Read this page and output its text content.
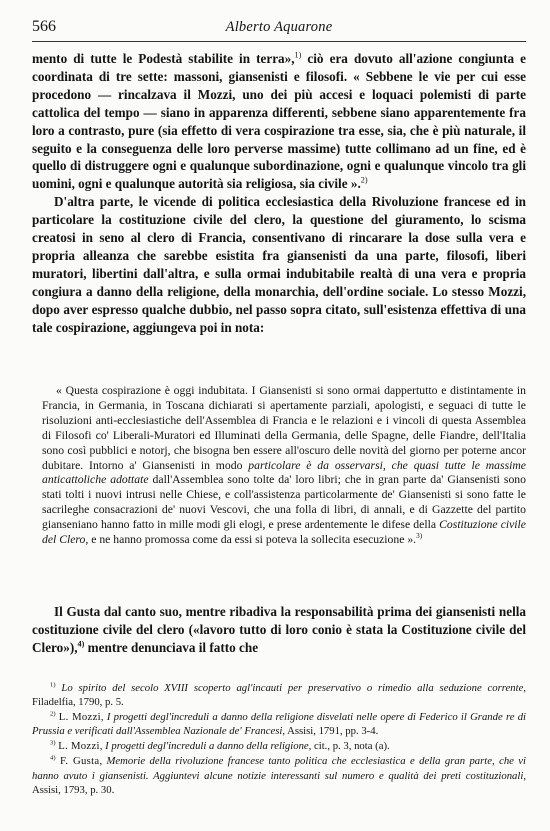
566	Alberto Aquarone

mento di tutte le Podestà stabilite in terra»,$^{1)}$ ciò era dovuto all'azione congiunta e coordinata di tre sette: massoni, giansenisti e filosofi. « Sebbene le vie per cui esse procedono — rincalzava il Mozzi, uno dei più accesi e loquaci polemisti di parte cattolica del tempo — siano in apparenza differenti, sebbene siano apparentemente fra loro a contrasto, pure (sia effetto di vera cospirazione tra esse, sia, che è più naturale, il seguito e la conseguenza delle loro perverse massime) tutte collimano ad un fine, ed è quello di distruggere ogni e qualunque subordinazione, ogni e qualunque vincolo tra gli uomini, ogni e qualunque autorità sia religiosa, sia civile ».$^{2)}$

D'altra parte, le vicende di politica ecclesiastica della Rivoluzione francese ed in particolare la costituzione civile del clero, la questione del giuramento, lo scisma creatosi in seno al clero di Francia, consentivano di rincarare la dose sulla vera e propria alleanza che sarebbe esistita fra giansenisti da una parte, filosofi, liberi muratori, libertini dall'altra, e sulla ormai indubitabile realtà di una vera e propria congiura a danno della religione, della monarchia, dell'ordine sociale. Lo stesso Mozzi, dopo aver espresso qualche dubbio, nel passo sopra citato, sull'esistenza effettiva di una tale cospirazione, aggiungeva poi in nota:

« Questa cospirazione è oggi indubitata. I Giansenisti si sono ormai dappertutto e distintamente in Francia, in Germania, in Toscana dichiarati si apertamente parziali, apologisti, e seguaci di tutte le risoluzioni anti-ecclesiastiche dell'Assemblea di Francia e le relazioni e i vincoli di questa Assemblea di Filosofi co' Liberali-Muratori ed Illuminati della Germania, delle Spagne, delle Fiandre, dell'Italia sono così pubblici e notorj, che bisogna ben essere all'oscuro delle novità del giorno per poterne ancor dubitare. Intorno a' Giansenisti in modo particolare è da osservarsi, che quasi tutte le massime anticattoliche adottate dall'Assemblea sono tolte da' loro libri; che in gran parte da' Giansenisti sono stati tolti i nuovi intrusi nelle Chiese, e coll'assistenza particolarmente de' Giansenisti si sono fatte le sacrileghe consacrazioni de' nuovi Vescovi, che una folla di libri, di annali, e di Gazzette del partito gianseniano hanno fatto in mille modi gli elogi, e prese ardentemente le difese della Costituzione civile del Clero, e ne hanno promossa come da essi si poteva la sollecita esecuzione ».$^{3)}$

Il Gusta dal canto suo, mentre ribadiva la responsabilità prima dei giansenisti nella costituzione civile del clero («lavoro tutto di loro conio è stata la Costituzione civile del Clero»),$^{4)}$ mentre denunciava il fatto che

$^{1)}$ Lo spirito del secolo XVIII scoperto agl'incauti per preservativo o rimedio alla seduzione corrente, Filadelfia, 1790, p. 5.

$^{2)}$ L. Mozzi, I progetti degl'increduli a danno della religione disvelati nelle opere di Federico il Grande re di Prussia e verificati dall'Assemblea Nazionale de' Francesi, Assisi, 1791, pp. 3-4.

$^{3)}$ L. Mozzi, I progetti degl'increduli a danno della religione, cit., p. 3, nota (a).

$^{4)}$ F. Gusta, Memorie della rivoluzione francese tanto politica che ecclesiastica e della gran parte, che vi hanno avuto i giansenisti. Aggiuntevi alcune notizie interessanti sul numero e qualità dei preti costituzionali, Assisi, 1793, p. 30.
